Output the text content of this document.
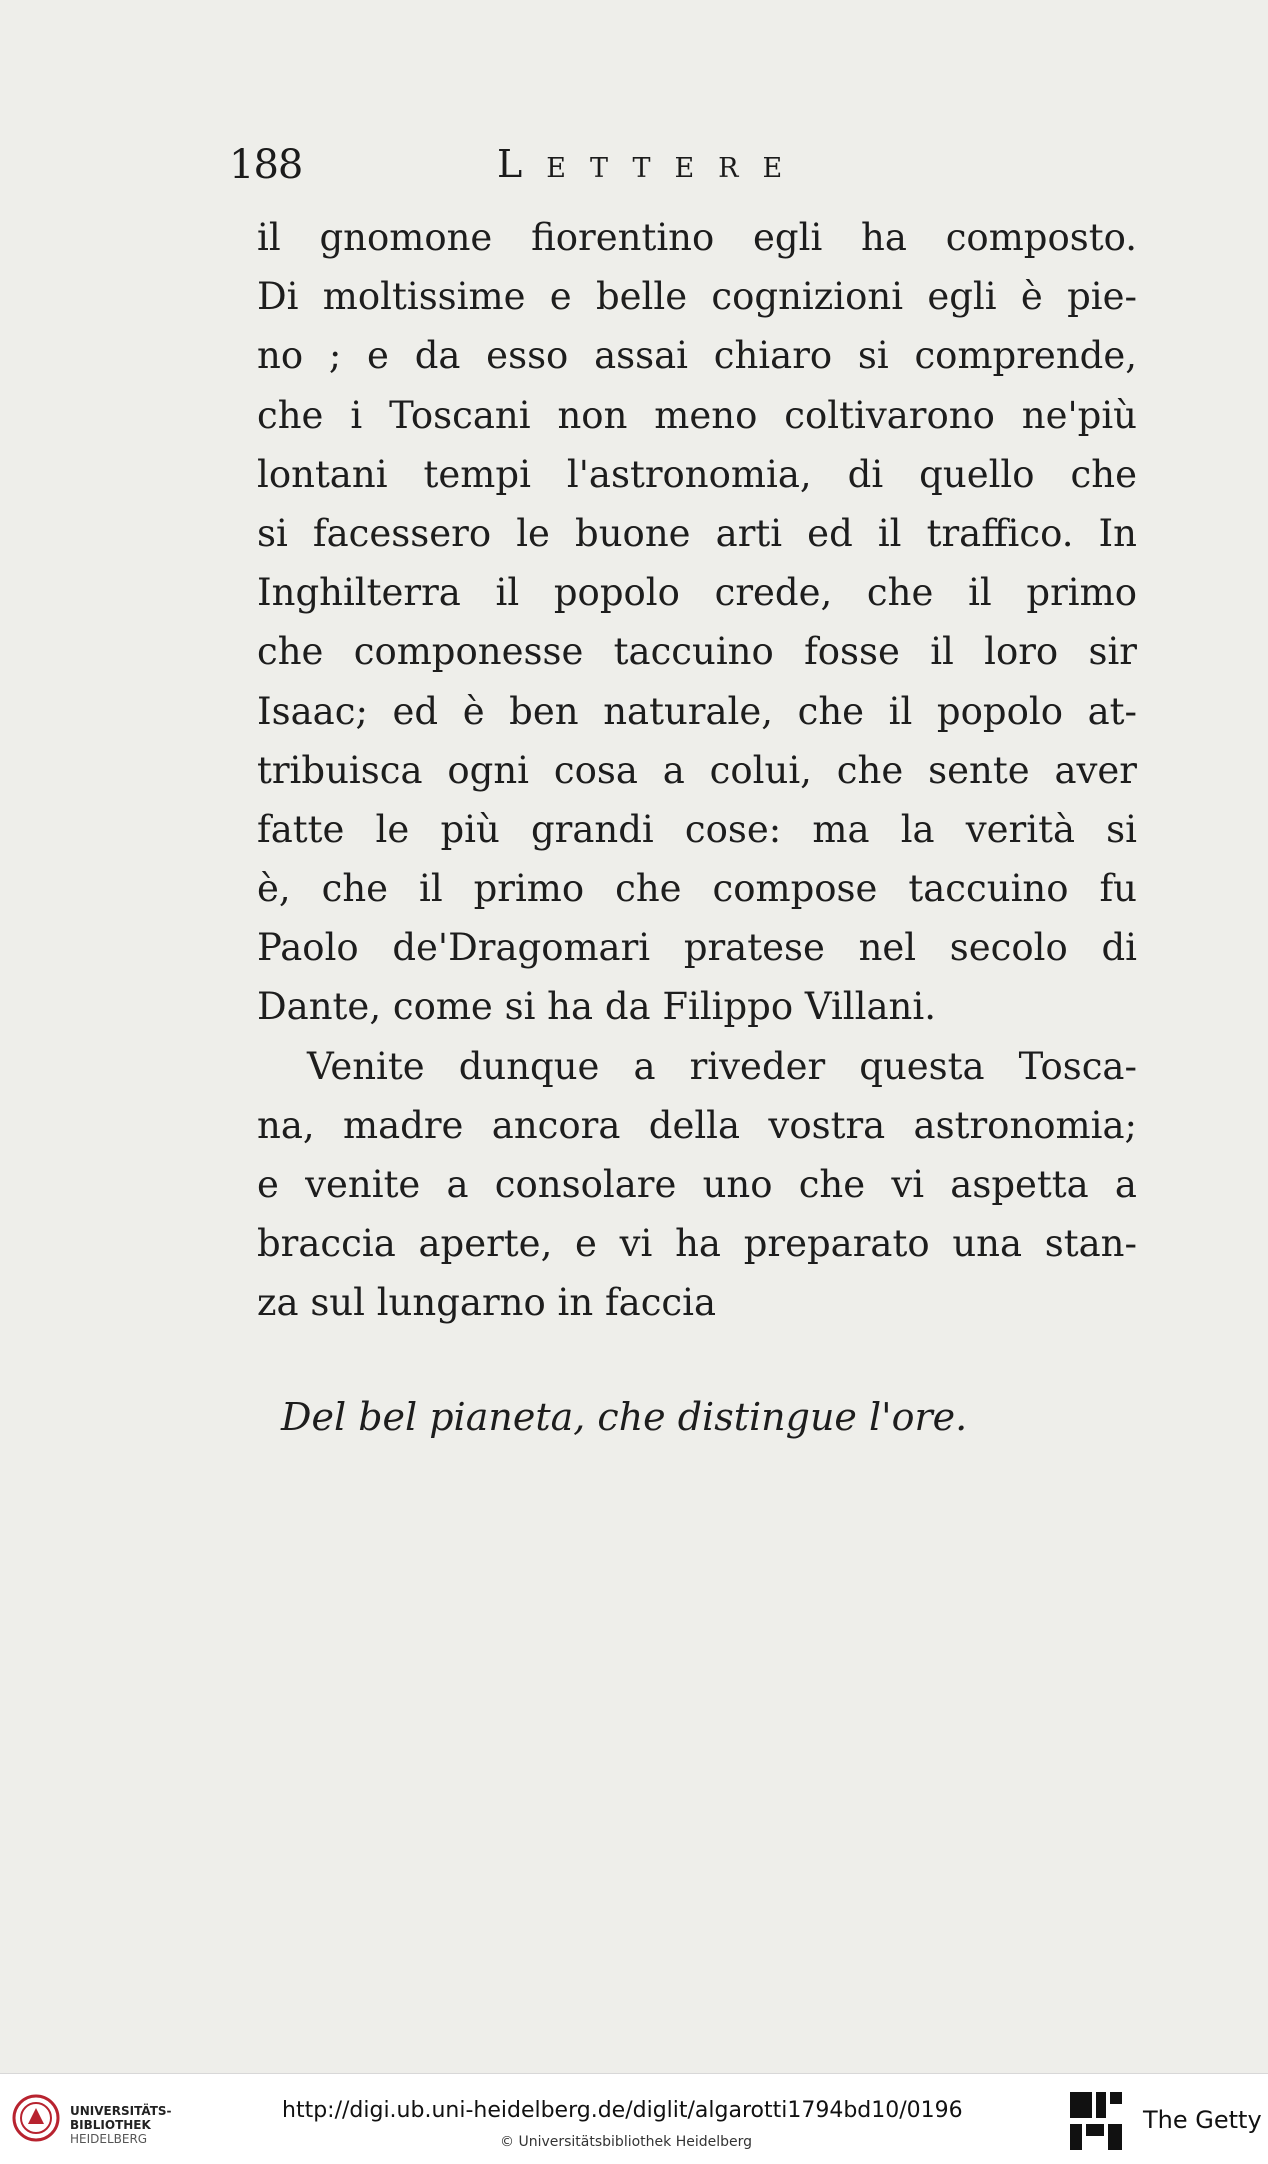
188	Lettere
il gnomone fiorentino egli ha composto.
Di moltissime e belle cognizioni egli è pie-
no ; e da esso assai chiaro si comprende,
che i Toscani non meno coltivarono ne'più
lontani tempi l'astronomia, di quello che
si facessero le buone arti ed il traffico. In
Inghilterra il popolo crede, che il primo
che componesse taccuino fosse il loro sir
Isaac; ed è ben naturale, che il popolo at-
tribuisca ogni cosa a colui, che sente aver
fatte le più grandi cose: ma la verità si
è, che il primo che compose taccuino fu
Paolo de'Dragomari pratese nel secolo di
Dante, come si ha da Filippo Villani.
Venite dunque a riveder questa Tosca-
na, madre ancora della vostra astronomia;
e venite a consolare uno che vi aspetta a
braccia aperte, e vi ha preparato una stan-
za sul lungarno in faccia
Del bel pianeta, che distingue l'ore.
UNIVERSITÄTS-
BIBLIOTHEK
HEIDELBERG
http://digi.ub.uni-heidelberg.de/diglit/algarotti1794bd10/0196
© Universitätsbibliothek Heidelberg
The Getty
